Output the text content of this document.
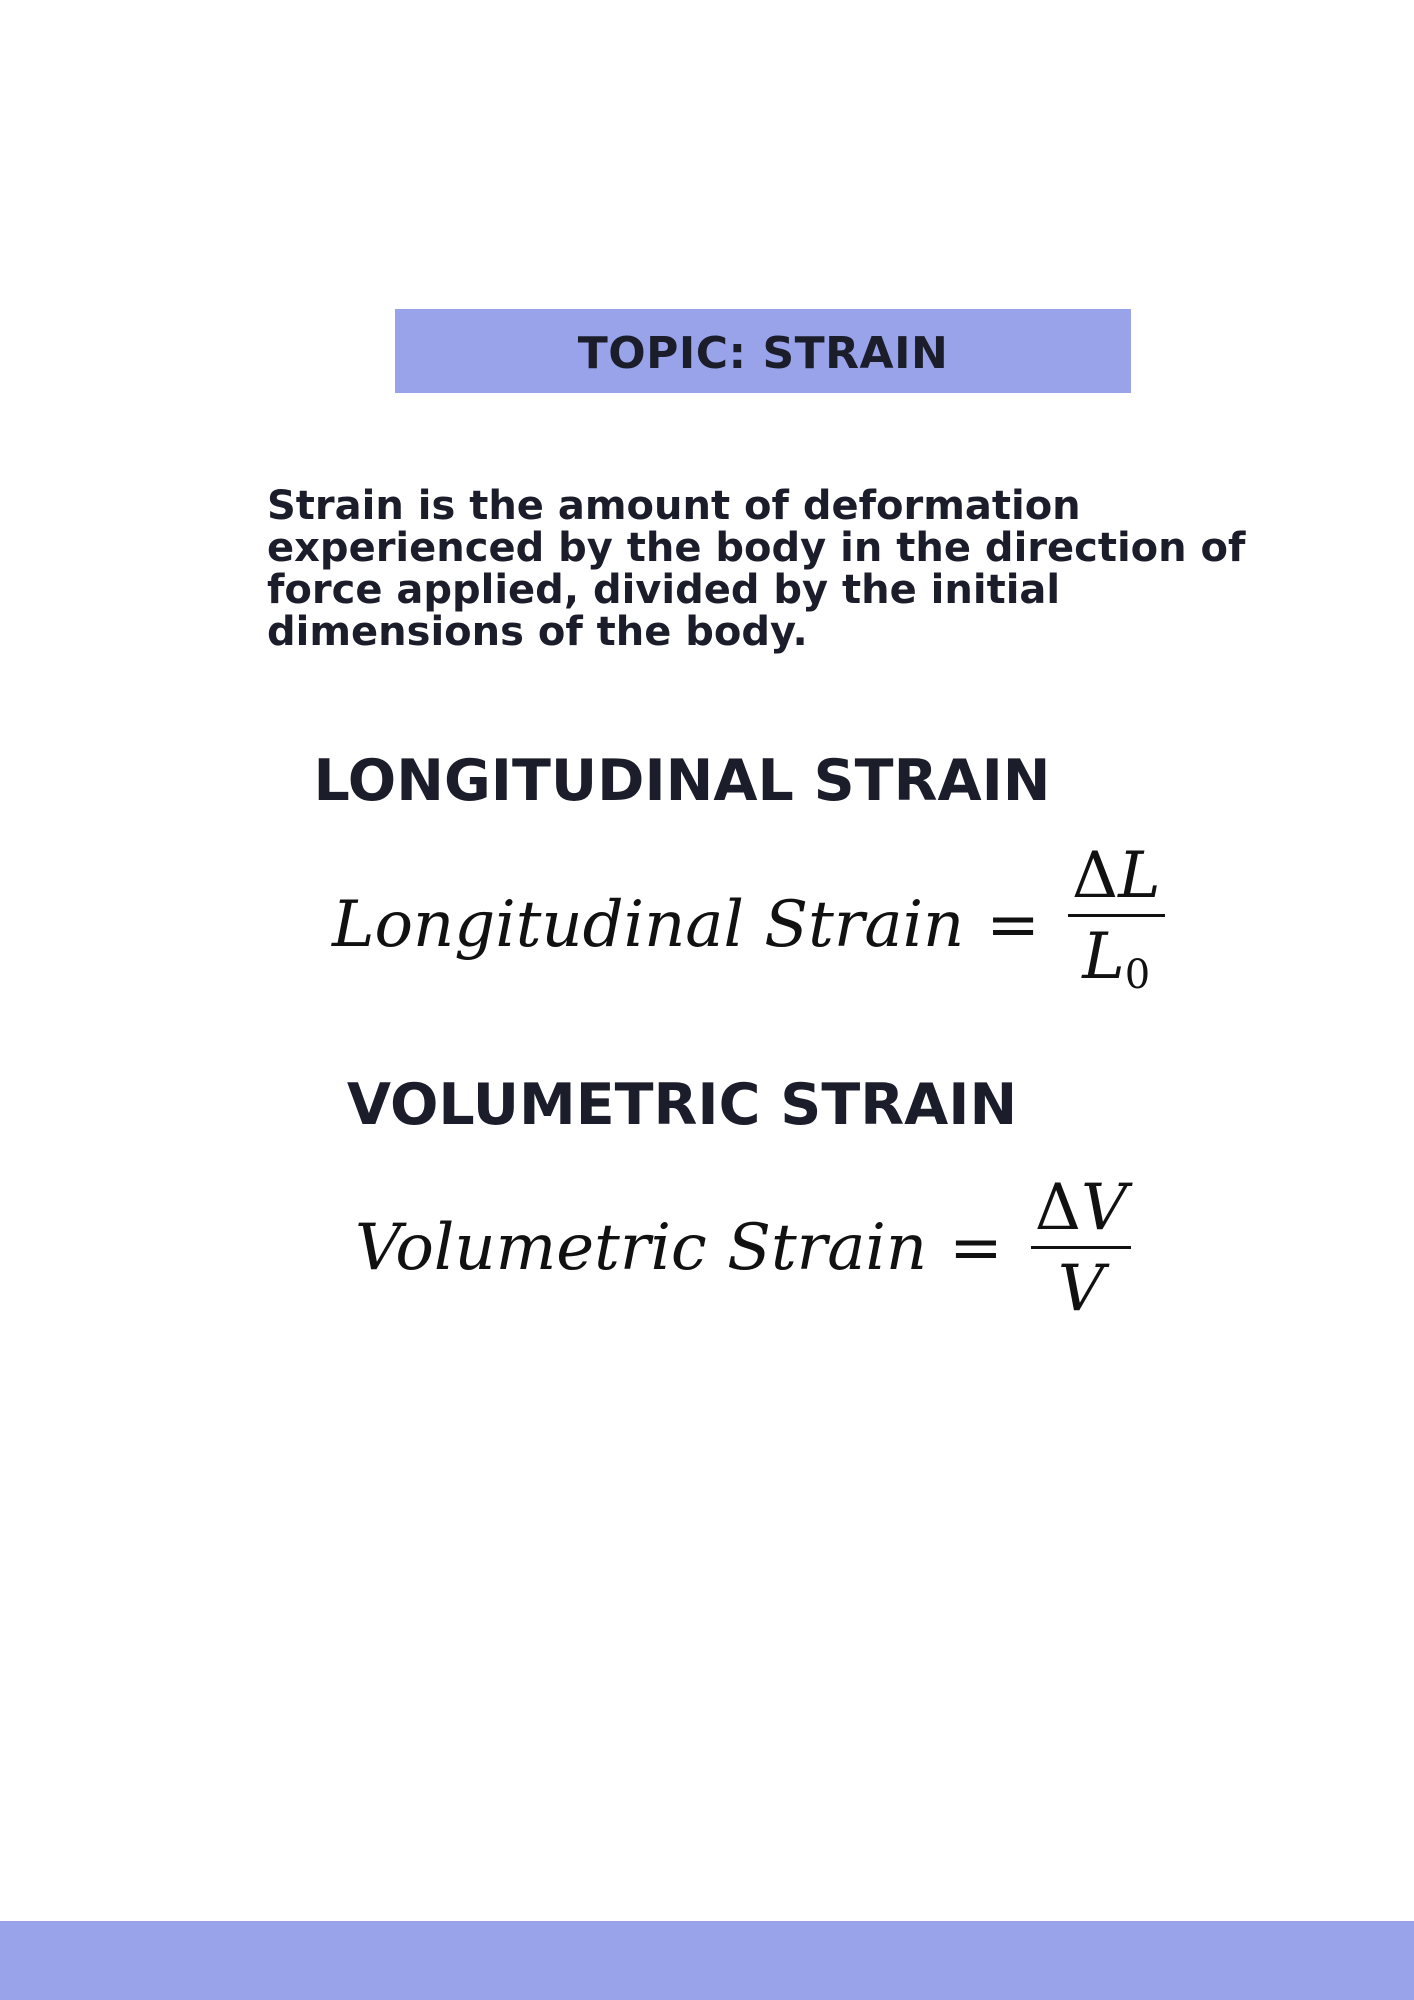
TOPIC: STRAIN

Strain is the amount of deformation experienced by the body in the direction of force applied, divided by the initial dimensions of the body.

LONGITUDINAL STRAIN
Longitudinal Strain = $\frac{\Delta L}{L_0}$
VOLUMETRIC STRAIN
Volumetric Strain = $\frac{\Delta V}{V}$
